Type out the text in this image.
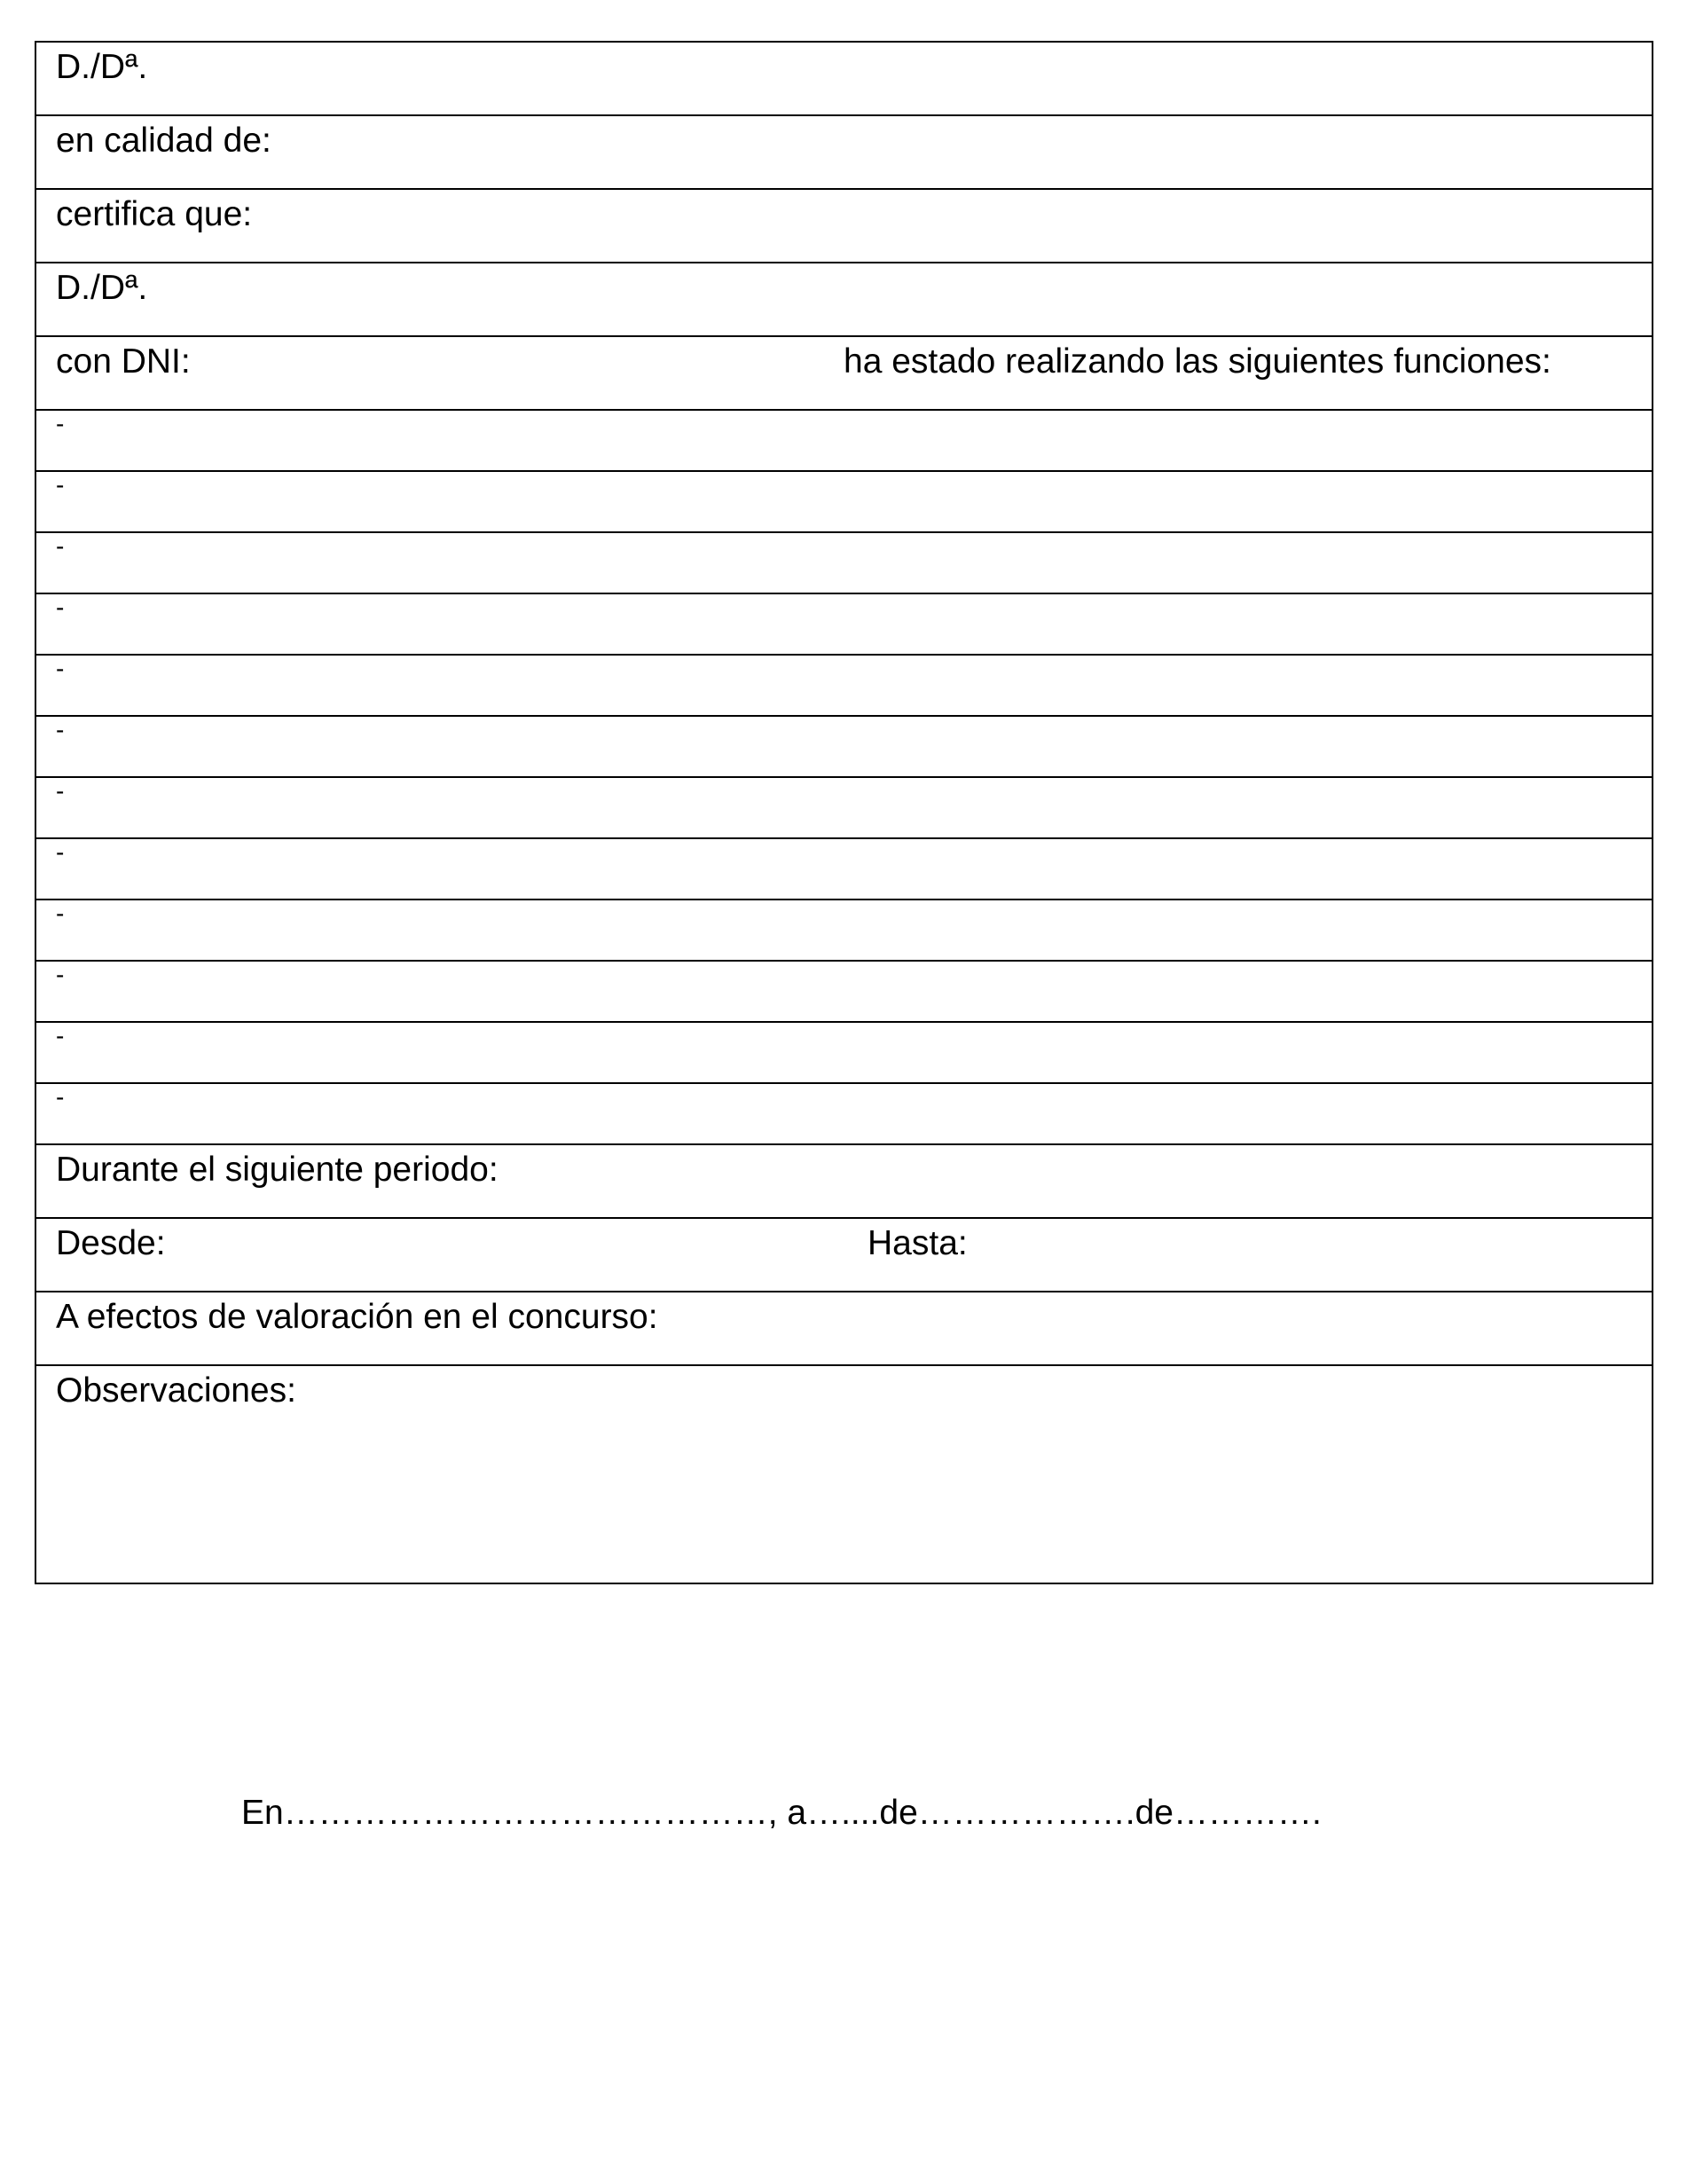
D./Dª.
en calidad de:
certifica que:
D./Dª.
con DNI:	ha estado realizando las siguientes funciones:
-
-
-
-
-
-
-
-
-
-
-
-
Durante el siguiente periodo:
Desde:	Hasta:
A efectos de valoración en el concurso:
Observaciones:
En……………………………………, a…....de……………….de………….
